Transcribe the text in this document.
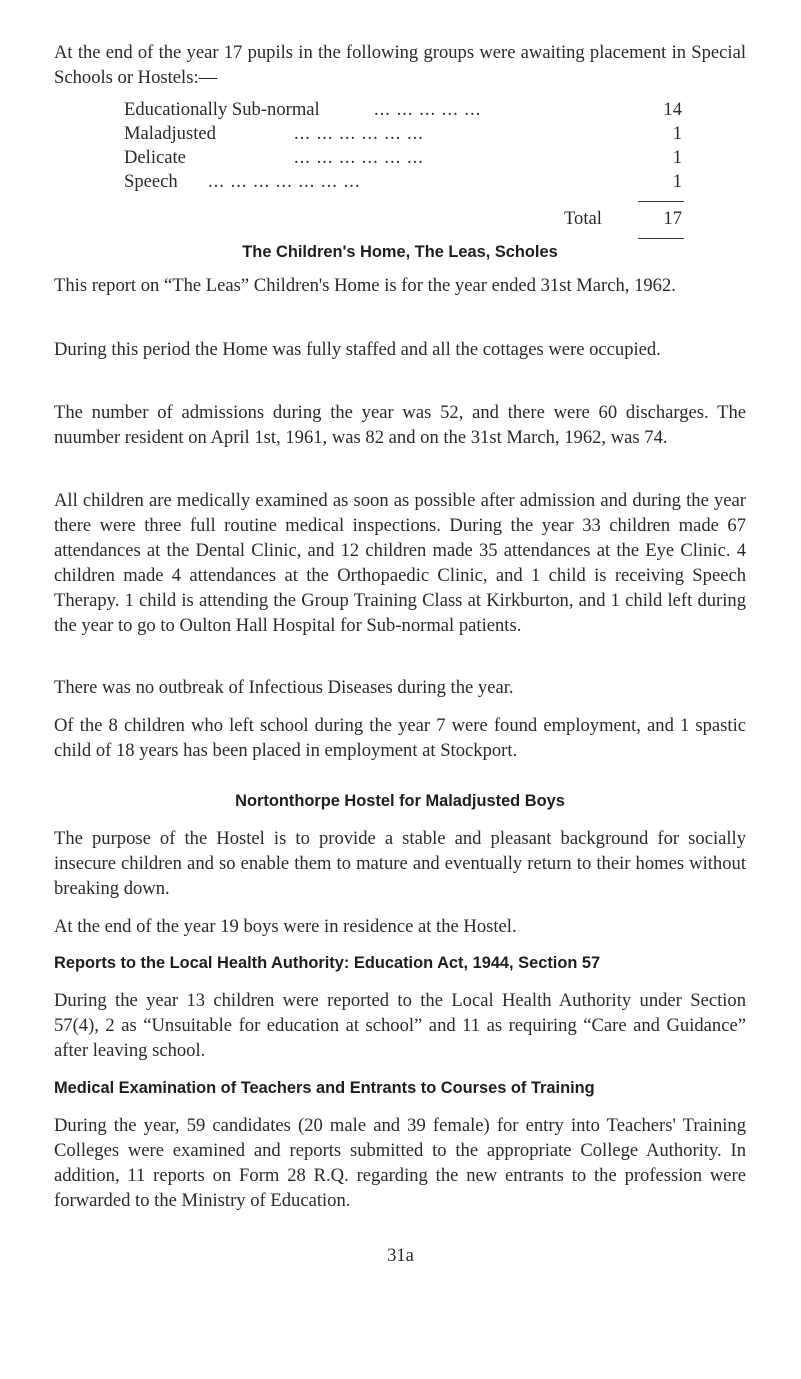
At the end of the year 17 pupils in the following groups were awaiting placement in Special Schools or Hostels:—

Educationally Sub-normal	... ... ... ... ...	14
Maladjusted	... ... ... ... ... ...	1
Delicate	... ... ... ... ... ...	1
Speech ... ... ... ... ... ... ...	1
Total	17
The Children's Home, The Leas, Scholes

This report on “The Leas” Children's Home is for the year ended 31st March, 1962.

During this period the Home was fully staffed and all the cottages were occupied.

The number of admissions during the year was 52, and there were 60 discharges. The nuumber resident on April 1st, 1961, was 82 and on the 31st March, 1962, was 74.

All children are medically examined as soon as possible after admission and during the year there were three full routine medical inspections. During the year 33 children made 67 attendances at the Dental Clinic, and 12 children made 35 attendances at the Eye Clinic. 4 children made 4 attendances at the Orthopaedic Clinic, and 1 child is receiving Speech Therapy. 1 child is attending the Group Training Class at Kirkburton, and 1 child left during the year to go to Oulton Hall Hospital for Sub-normal patients.

There was no outbreak of Infectious Diseases during the year.

Of the 8 children who left school during the year 7 were found employment, and 1 spastic child of 18 years has been placed in employment at Stockport.

Nortonthorpe Hostel for Maladjusted Boys

The purpose of the Hostel is to provide a stable and pleasant background for socially insecure children and so enable them to mature and eventually return to their homes without breaking down.

At the end of the year 19 boys were in residence at the Hostel.

Reports to the Local Health Authority: Education Act, 1944, Section 57

During the year 13 children were reported to the Local Health Authority under Section 57(4), 2 as “Unsuitable for education at school” and 11 as requiring “Care and Guidance” after leaving school.

Medical Examination of Teachers and Entrants to Courses of Training

During the year, 59 candidates (20 male and 39 female) for entry into Teachers' Training Colleges were examined and reports submitted to the appropriate College Authority. In addition, 11 reports on Form 28 R.Q. regarding the new entrants to the profession were forwarded to the Ministry of Education.

31a
